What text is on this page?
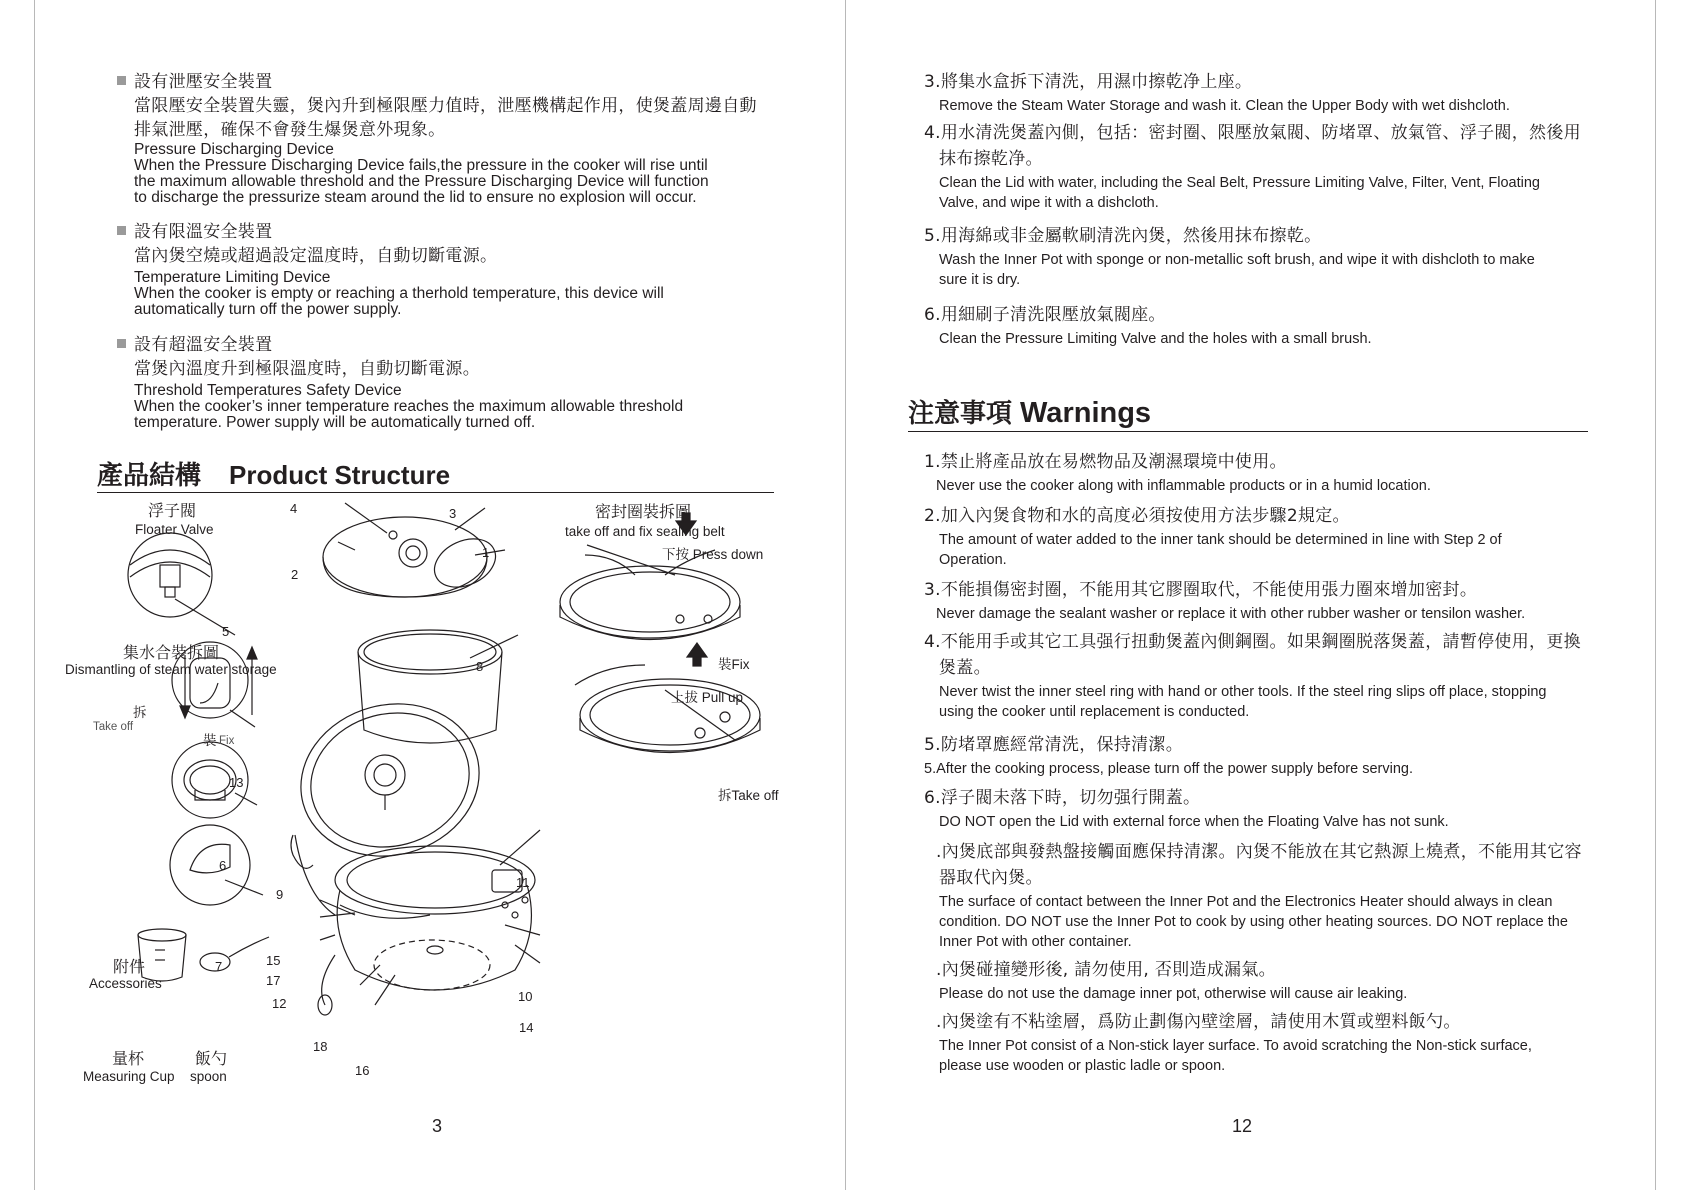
設有泄壓安全裝置
當限壓安全裝置失靈，煲內升到極限壓力值時，泄壓機構起作用，使煲蓋周邊自動
排氣泄壓，確保不會發生爆煲意外現象。
Pressure Discharging Device
When the Pressure Discharging Device fails,the pressure in the cooker will rise until
the maximum allowable threshold and the Pressure Discharging Device will function
to discharge the pressurize steam around the lid to ensure no explosion will occur.
設有限溫安全裝置
當內煲空燒或超過設定溫度時，自動切斷電源。
Temperature Limiting Device
When the cooker is empty or reaching a therhold temperature, this device will
automatically turn off the power supply.
設有超溫安全裝置
當煲內溫度升到極限溫度時，自動切斷電源。
Threshold Temperatures Safety Device
When the cooker’s inner temperature reaches the maximum allowable threshold
temperature. Power supply will be automatically turned off.
產品結構 Product Structure
浮子閥
Floater Valve
密封圈裝拆圖
take off and fix sealing belt
下按 Press down
裝Fix
上拔 Pull up
拆Take off
集水合裝拆圖
Dismantling of steam water storage
拆
Take off
裝 Fix
附件
Accessories
量杯
Measuring Cup
飯勺
spoon
1
2
3
4
5
6
7
8
9
10
11
12
13
14
15
16
17
18
3
3.將集水盒拆下清洗，用濕巾擦乾净上座。
Remove the Steam Water Storage and wash it. Clean the Upper Body with wet dishcloth.
4.用水清洗煲蓋內側，包括：密封圈、限壓放氣閥、防堵罩、放氣管、浮子閥，然後用
抹布擦乾净。
Clean the Lid with water, including the Seal Belt, Pressure Limiting Valve, Filter, Vent, Floating
Valve, and wipe it with a dishcloth.
5.用海綿或非金屬軟刷清洗內煲，然後用抹布擦乾。
Wash the Inner Pot with sponge or non-metallic soft brush, and wipe it with dishcloth to make
sure it is dry.
6.用細刷子清洗限壓放氣閥座。
Clean the Pressure Limiting Valve and the holes with a small brush.
注意事項 Warnings
1.禁止將產品放在易燃物品及潮濕環境中使用。
Never use the cooker along with inflammable products or in a humid location.
2.加入內煲食物和水的高度必須按使用方法步驟2規定。
The amount of water added to the inner tank should be determined in line with Step 2 of
Operation.
3.不能損傷密封圈，不能用其它膠圈取代，不能使用張力圈來增加密封。
Never damage the sealant washer or replace it with other rubber washer or tensilon washer.
4.不能用手或其它工具强行扭動煲蓋內側鋼圈。如果鋼圈脱落煲蓋，請暫停使用，更換
煲蓋。
Never twist the inner steel ring with hand or other tools. If the steel ring slips off place, stopping
using the cooker until replacement is conducted.
5.防堵罩應經常清洗，保持清潔。
5.After the cooking process, please turn off the power supply before serving.
6.浮子閥未落下時，切勿强行開蓋。
DO NOT open the Lid with external force when the Floating Valve has not sunk.
.內煲底部與發熱盤接觸面應保持清潔。內煲不能放在其它熱源上燒煮，不能用其它容
器取代內煲。
The surface of contact between the Inner Pot and the Electronics Heater should always in clean
condition. DO NOT use the Inner Pot to cook by using other heating sources. DO NOT replace the
Inner Pot with other container.
.內煲碰撞變形後, 請勿使用, 否則造成漏氣。
Please do not use the damage inner pot, otherwise will cause air leaking.
.內煲塗有不粘塗層，爲防止劃傷內壁塗層，請使用木質或塑料飯勺。
The Inner Pot consist of a Non-stick layer surface. To avoid scratching the Non-stick surface,
please use wooden or plastic ladle or spoon.
12
